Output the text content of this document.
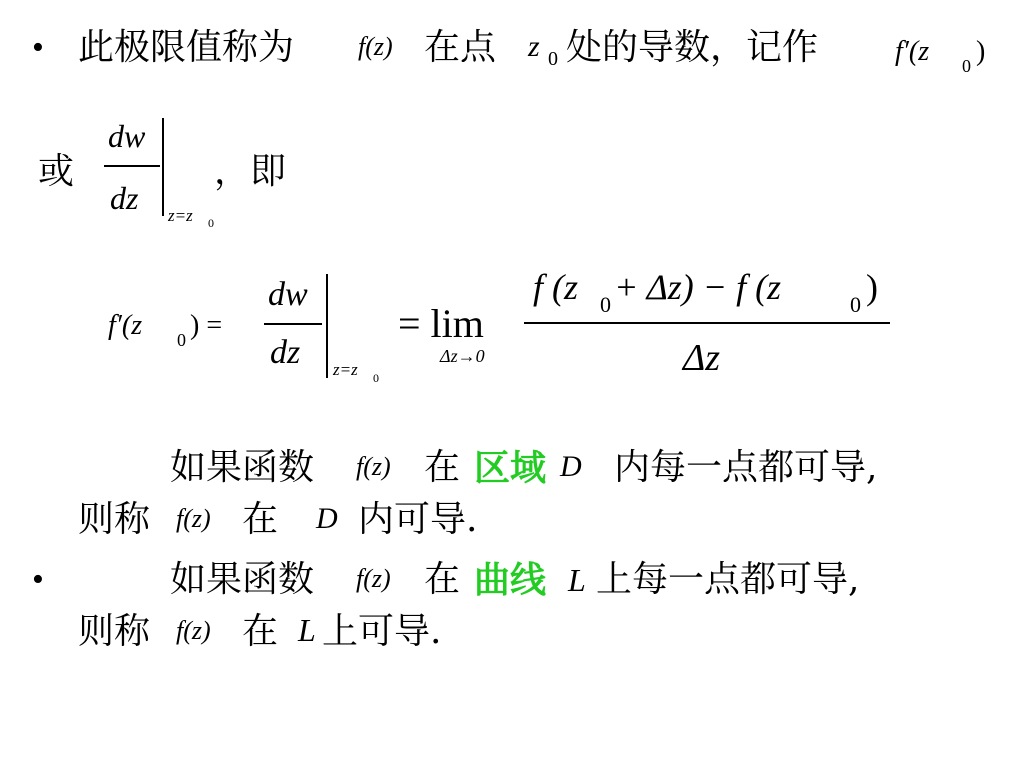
• 此极限值称为 f(z) 在点 z 0 处的导数，记作	f′(z 0 )
或
dw
dz z=z 0
，即
f′(z 0 ) =
dw
dz z=z 0
= lim
Δz→0
f (z 0 + Δz) − f (z	0 )
Δz
如果函数 f(z) 在 区域 D 内每一点都可导,
则称 f(z) 在 D 内可导.
•	如果函数 f(z) 在 曲线 L 上每一点都可导,
则称 f(z) 在 L 上可导.
